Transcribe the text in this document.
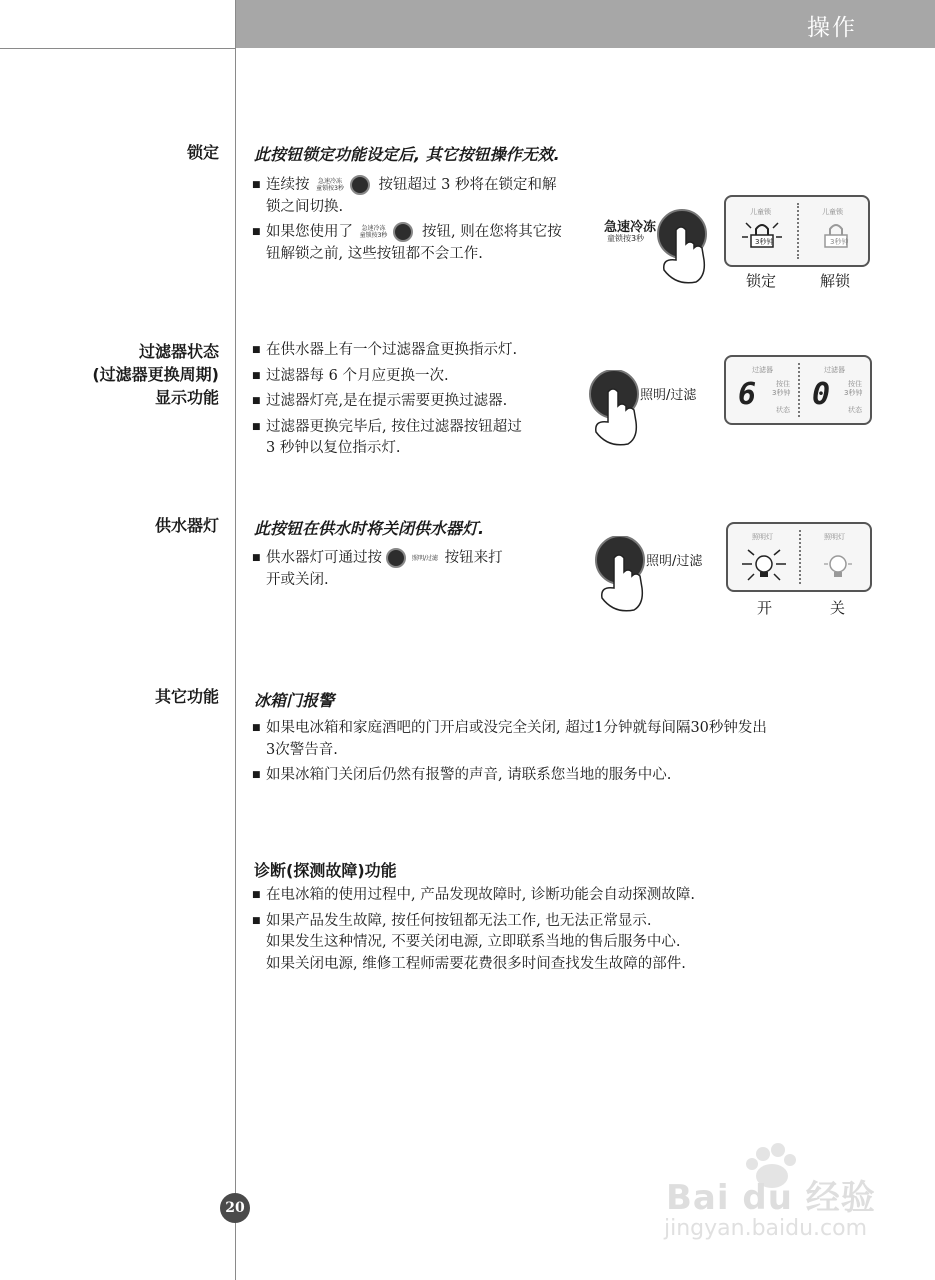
操作
锁定 此按钮锁定功能设定后, 其它按钮操作无效.
■ 连续按	急速冷冻
童锁按3秒 按钮超过 3 秒将在锁定和解
锁之间切换.
■ 如果您使用了	急速冷冻
童锁按3秒 按钮, 则在您将其它按
钮解锁之前, 这些按钮都不会工作.
急速冷冻
童锁按3秒
儿童锁	儿童锁
3秒钟	3秒钟
锁定	解锁
过滤器状态
(过滤器更换周期)
显示功能
■ 在供水器上有一个过滤器盒更换指示灯.
■ 过滤器每 6 个月应更换一次.
■ 过滤器灯亮,是在提示需要更换过滤器.
■ 过滤器更换完毕后, 按住过滤器按钮超过
3 秒钟以复位指示灯.
照明/过滤
过滤器
6	按住
3秒钟
状态
过滤器
0	按住
3秒钟
状态
供水器灯 此按钮在供水时将关闭供水器灯.
■ 供水器灯可通过按	照明/过滤 按钮来打
开或关闭.
照明/过滤
照明灯	照明灯
开	关
其它功能 冰箱门报警
■ 如果电冰箱和家庭酒吧的门开启或没完全关闭, 超过1分钟就每间隔30秒钟发出
3次警告音.
■ 如果冰箱门关闭后仍然有报警的声音, 请联系您当地的服务中心.
诊断(探测故障)功能
■ 在电冰箱的使用过程中, 产品发现故障时, 诊断功能会自动探测故障.
■ 如果产品发生故障, 按任何按钮都无法工作, 也无法正常显示.
如果发生这种情况, 不要关闭电源, 立即联系当地的售后服务中心.
如果关闭电源, 维修工程师需要花费很多时间查找发生故障的部件.
20	Bai du 经验
jingyan.baidu.com
